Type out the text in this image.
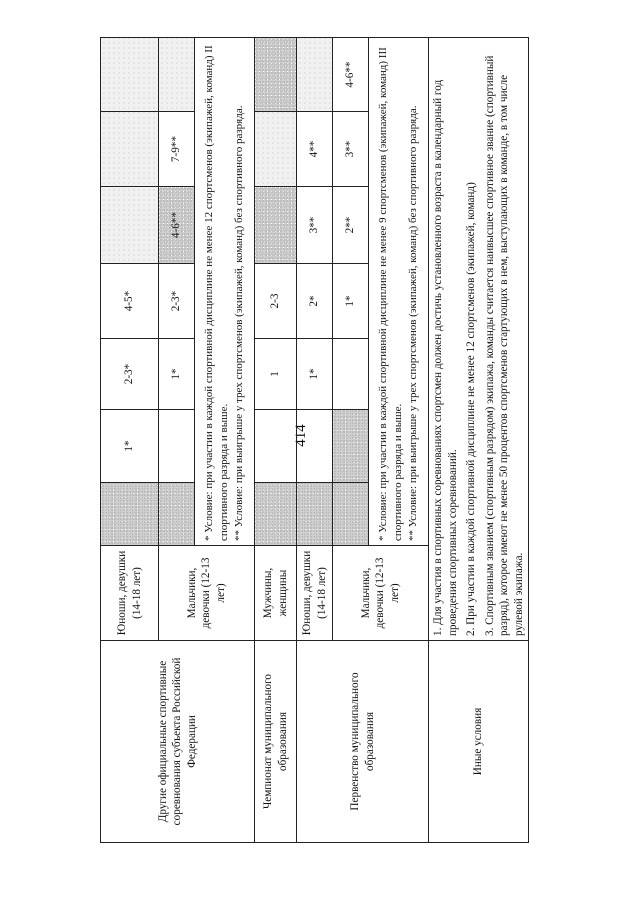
414
Другие официальные спортивные соревнования субъекта Российской Федерации	Юноши, девушки (14-18 лет)		1*	2-3*	4-5*			
	Мальчики, девочки (12-13 лет)			1*	2-3*	4-6**	7-9**	

		* Условие: при участии в каждой спортивной дисциплине не менее 12 спортсменов (экипажей, команд) II спортивного разряда и выше. ** Условие: при выигрыше у трех спортсменов (экипажей, команд) без спортивного разряда.						

Чемпионат муниципального образования	Мужчины, женщины			1	2-3			
Первенство муниципального образования	Юноши, девушки (14-18 лет)			1*	2*	3**	4**	
	Мальчики, девочки (12-13 лет)				1*	2**	3**	4-6**

		* Условие: при участии в каждой спортивной дисциплине не менее 9 спортсменов (экипажей, команд) III спортивного разряда и выше. ** Условие: при выигрыше у трех спортсменов (экипажей, команд) без спортивного разряда.						

Иные условия	1. Для участия в спортивных соревнованиях спортсмен должен достичь установленного возраста в календарный год проведения спортивных соревнований. 2. При участии в каждой спортивной дисциплине не менее 12 спортсменов (экипажей, команд) 3. Спортивным званием (спортивным разрядом) экипажа, команды считается наивысшее спортивное звание (спортивный разряд), которое имеют не менее 50 процентов спортсменов стартующих в нем, выступающих в команде, в том числе рулевой экипажа.							
